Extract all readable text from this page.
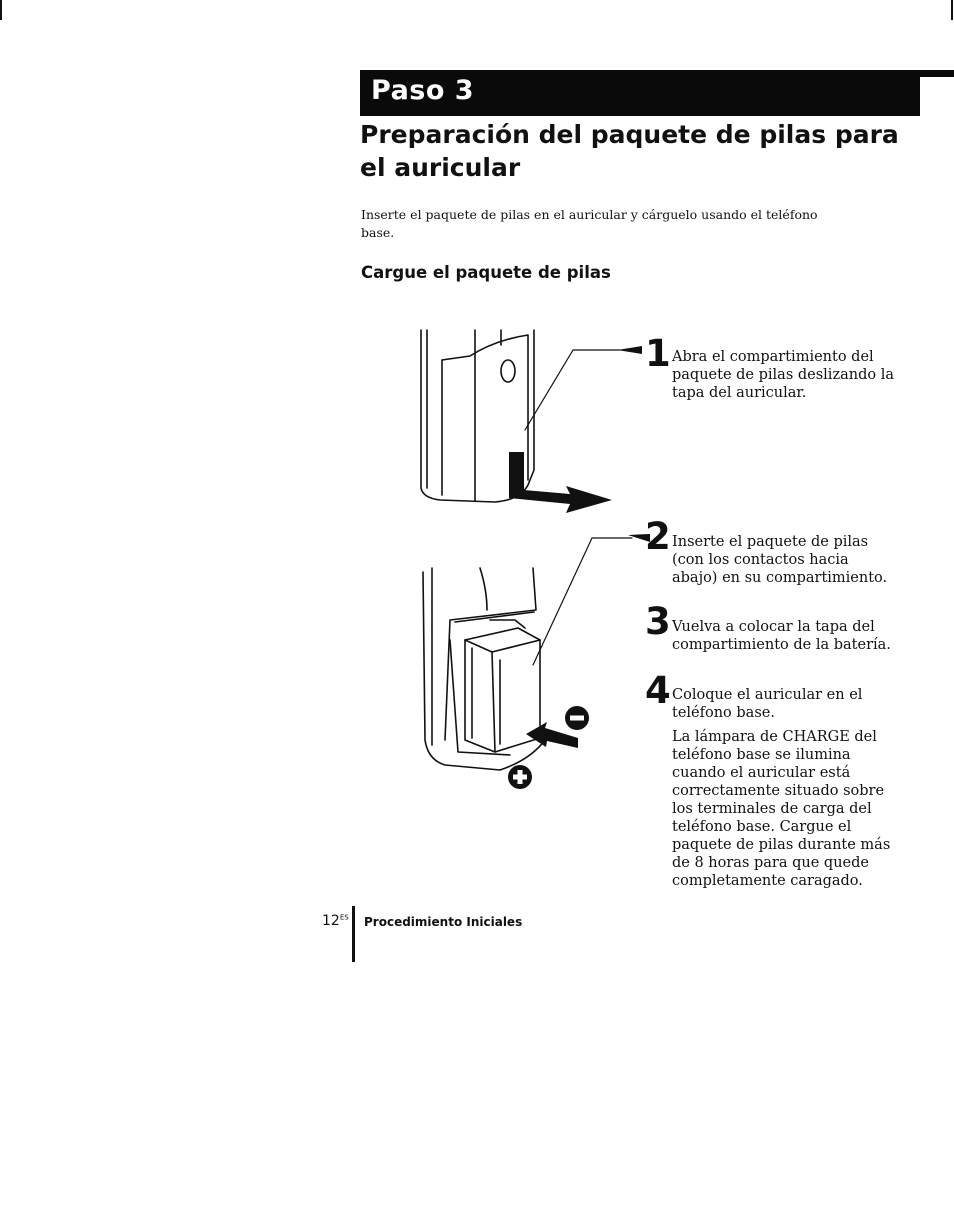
Paso 3
Preparación del paquete de pilas para el auricular

Inserte el paquete de pilas en el auricular y cárguelo usando el teléfono base.

Cargue el paquete de pilas
1 Abra el compartimiento del paquete de pilas deslizando la tapa del auricular.

2 Inserte el paquete de pilas (con los contactos hacia abajo) en su compartimiento.

3 Vuelva a colocar la tapa del compartimiento de la batería.

4 Coloque el auricular en el teléfono base.

La lámpara de CHARGE del teléfono base se ilumina cuando el auricular está correctamente situado sobre los terminales de carga del teléfono base. Cargue el paquete de pilas durante más de 8 horas para que quede completamente caragado.

12$^{ES}$ Procedimiento Iniciales
